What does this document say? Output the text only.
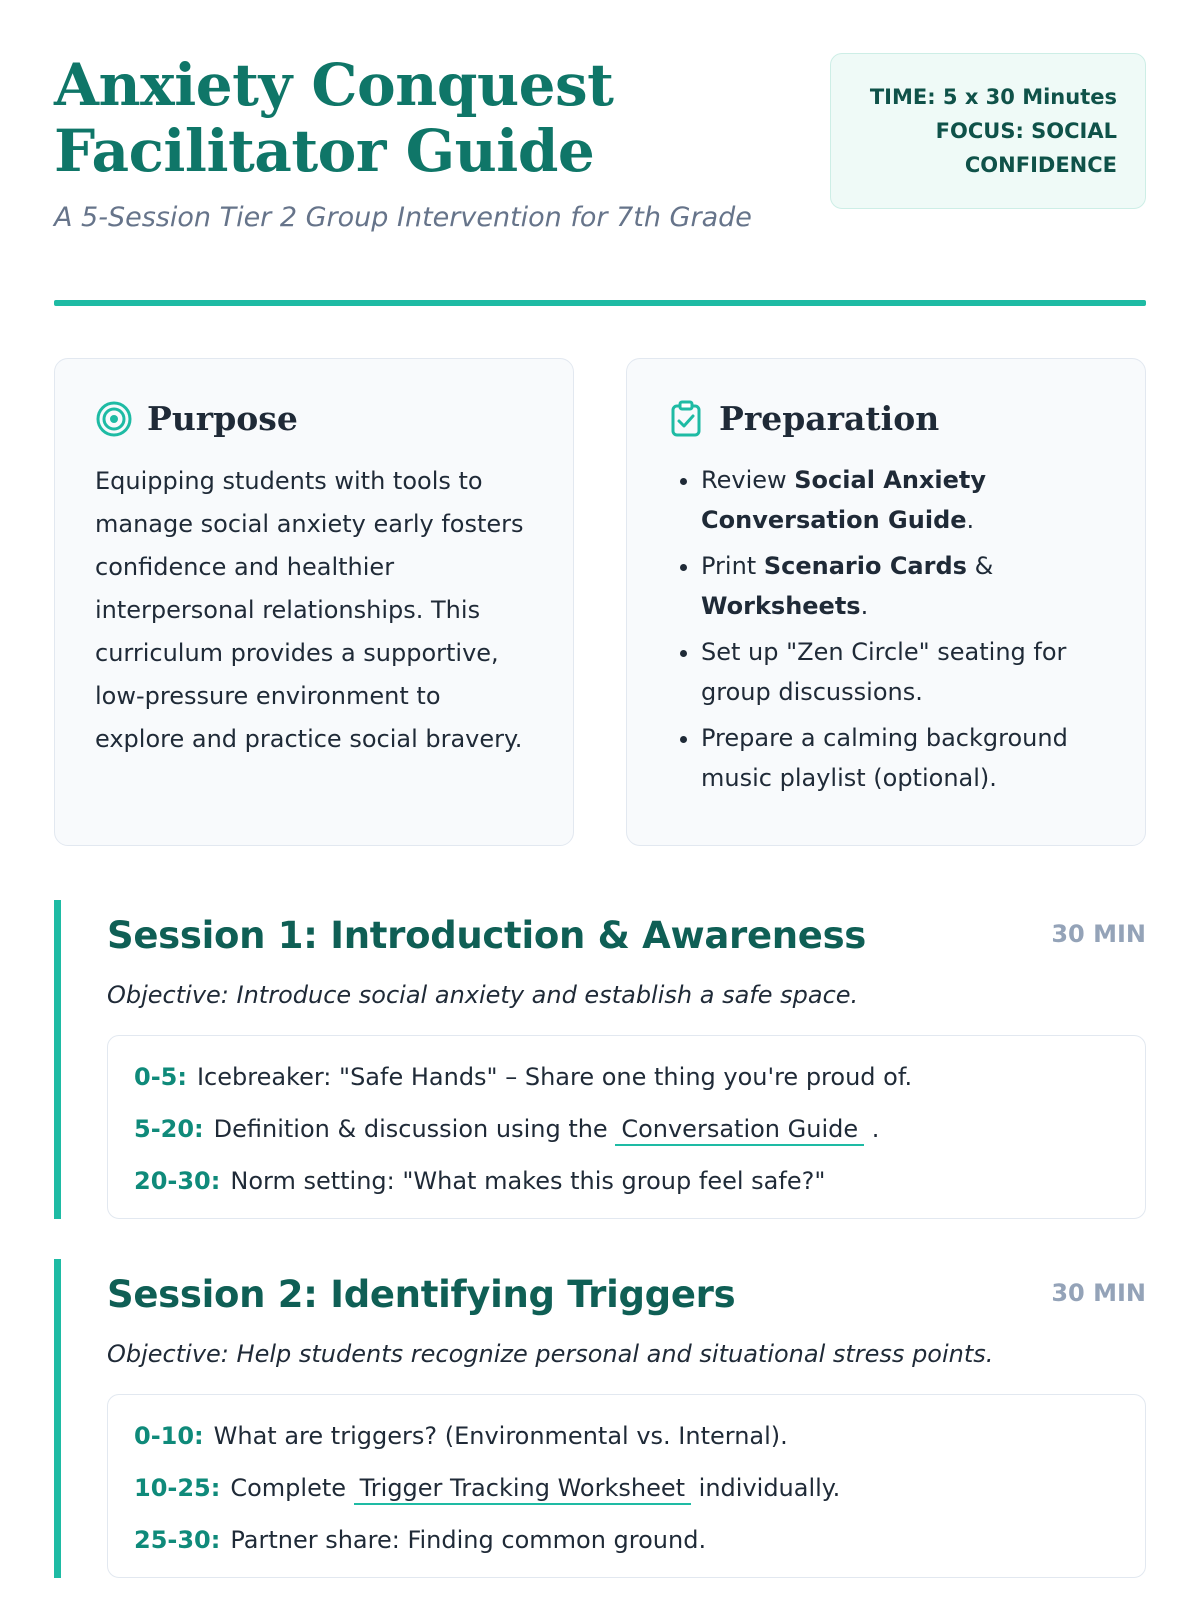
Anxiety Conquest
Facilitator Guide

A 5-Session Tier 2 Group Intervention for 7th Grade

TIME: 5 x 30 Minutes
FOCUS: SOCIAL
CONFIDENCE
Purpose

Equipping students with tools to manage social anxiety early fosters confidence and healthier interpersonal relationships. This curriculum provides a supportive, low-pressure environment to explore and practice social bravery.

Preparation
• Review Social Anxiety Conversation Guide.
• Print Scenario Cards & Worksheets.
• Set up "Zen Circle" seating for group discussions.
• Prepare a calming background music playlist (optional).
Session 1: Introduction & Awareness	30 MIN

Objective: Introduce social anxiety and establish a safe space.

0-5: Icebreaker: "Safe Hands" – Share one thing you're proud of.
5-20: Definition & discussion using the Conversation Guide .
20-30: Norm setting: "What makes this group feel safe?"
Session 2: Identifying Triggers	30 MIN

Objective: Help students recognize personal and situational stress points.

0-10: What are triggers? (Environmental vs. Internal).
10-25: Complete Trigger Tracking Worksheet individually.
25-30: Partner share: Finding common ground.
